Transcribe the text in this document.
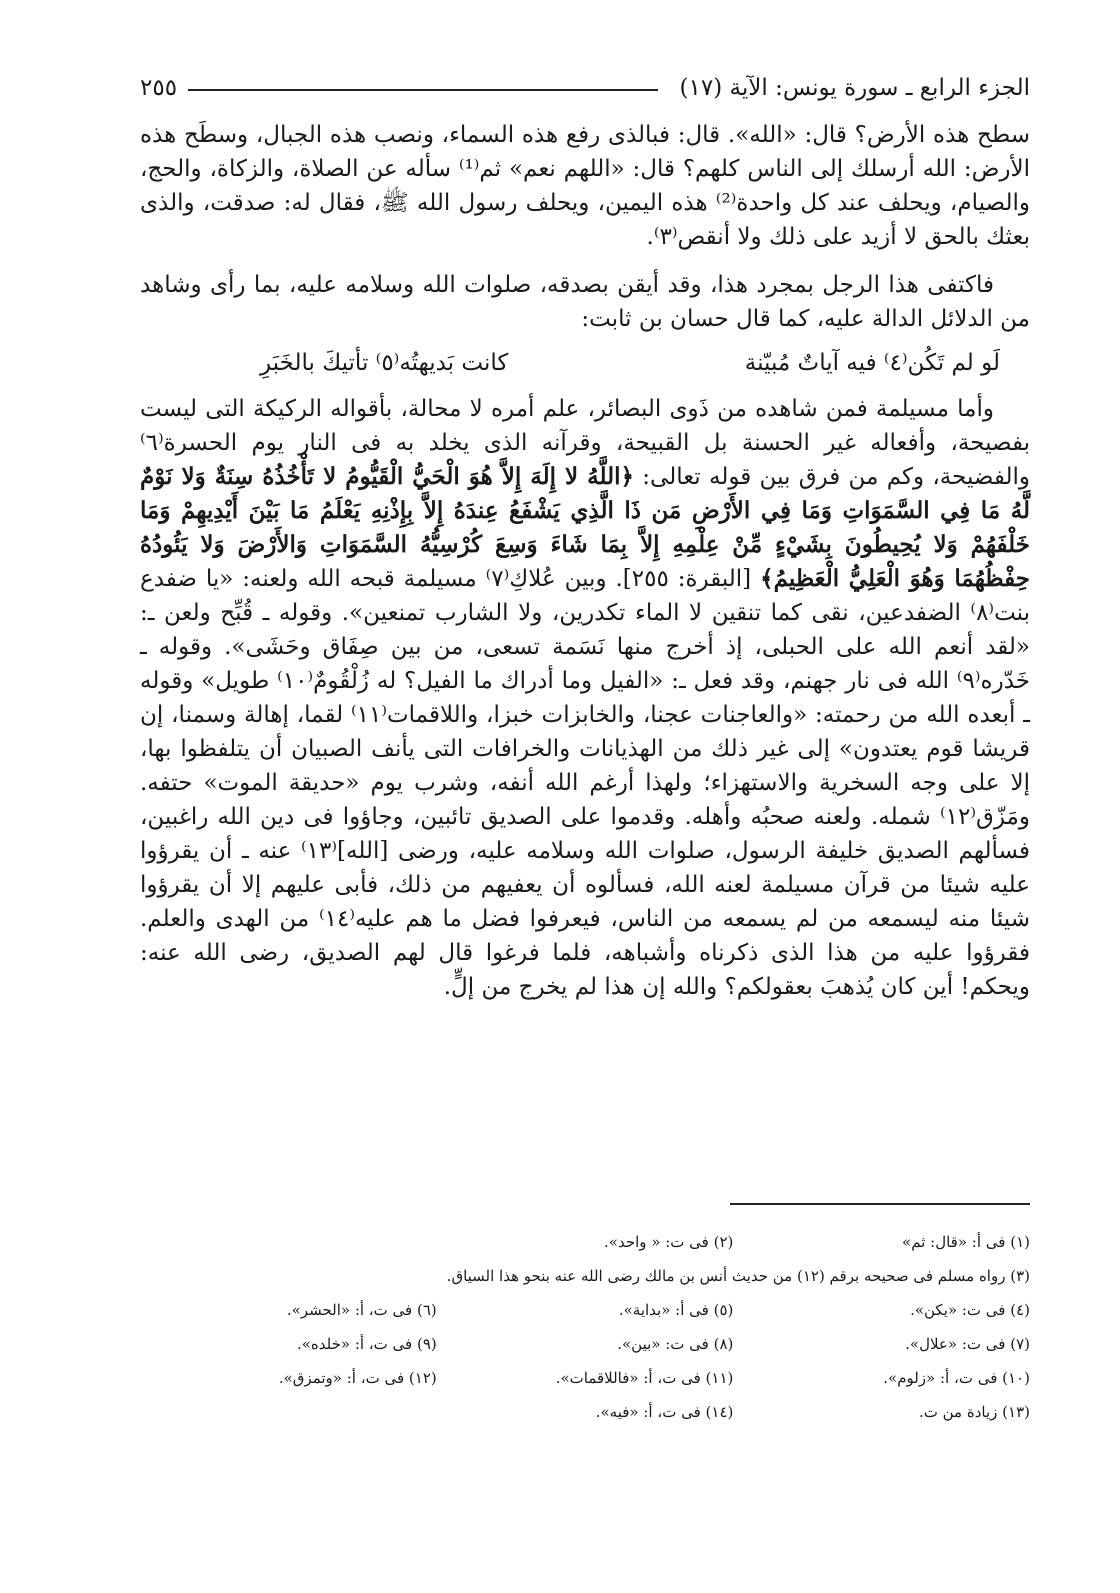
الجزء الرابع ـ سورة يونس: الآية (١٧)
٢٥٥

سطح هذه الأرض؟ قال: «الله». قال: فبالذى رفع هذه السماء، ونصب هذه الجبال، وسطَح هذه الأرض: الله أرسلك إلى الناس كلهم؟ قال: «اللهم نعم» ثم⁽¹⁾ سأله عن الصلاة، والزكاة، والحج، والصيام، ويحلف عند كل واحدة⁽²⁾ هذه اليمين، ويحلف رسول الله ﷺ، فقال له: صدقت، والذى بعثك بالحق لا أزيد على ذلك ولا أنقص⁽٣⁾.

فاكتفى هذا الرجل بمجرد هذا، وقد أيقن بصدقه، صلوات الله وسلامه عليه، بما رأى وشاهد من الدلائل الدالة عليه، كما قال حسان بن ثابت:

لَو لم تَكُن⁽٤⁾ فيه آياتٌ مُبيّنة
كانت بَديهتُه⁽٥⁾ تأتيكَ بالخَبَرِ

وأما مسيلمة فمن شاهده من ذَوى البصائر، علم أمره لا محالة، بأقواله الركيكة التى ليست بفصيحة، وأفعاله غير الحسنة بل القبيحة، وقرآنه الذى يخلد به فى النار يوم الحسرة⁽٦⁾ والفضيحة، وكم من فرق بين قوله تعالى: ﴿اللَّهُ لا إِلَهَ إِلاَّ هُوَ الْحَيُّ الْقَيُّومُ لا تَأْخُذُهُ سِنَةٌ وَلا نَوْمٌ لَّهُ مَا فِي السَّمَوَاتِ وَمَا فِي الأَرْضِ مَن ذَا الَّذِي يَشْفَعُ عِندَهُ إِلاَّ بِإِذْنِهِ يَعْلَمُ مَا بَيْنَ أَيْدِيهِمْ وَمَا خَلْفَهُمْ وَلا يُحِيطُونَ بِشَيْءٍ مِّنْ عِلْمِهِ إِلاَّ بِمَا شَاءَ وَسِعَ كُرْسِيُّهُ السَّمَوَاتِ وَالأَرْضَ وَلا يَئُودُهُ حِفْظُهُمَا وَهُوَ الْعَلِيُّ الْعَظِيمُ﴾ [البقرة: ٢٥٥]. وبين عُلاكِ⁽٧⁾ مسيلمة قبحه الله ولعنه: «يا ضفدع بنت⁽٨⁾ الضفدعين، نقى كما تنقين لا الماء تكدرين، ولا الشارب تمنعين». وقوله ـ قُبِّح ولعن ـ: «لقد أنعم الله على الحبلى، إذ أخرج منها نَسَمة تسعى، من بين صِفَاق وحَشَى». وقوله ـ خَدّره⁽٩⁾ الله فى نار جهنم، وقد فعل ـ: «الفيل وما أدراك ما الفيل؟ له زُلْقُومٌ⁽١٠⁾ طويل» وقوله ـ أبعده الله من رحمته: «والعاجنات عجنا، والخابزات خبزا، واللاقمات⁽١١⁾ لقما، إهالة وسمنا، إن قريشا قوم يعتدون» إلى غير ذلك من الهذيانات والخرافات التى يأنف الصبيان أن يتلفظوا بها، إلا على وجه السخرية والاستهزاء؛ ولهذا أرغم الله أنفه، وشرب يوم «حديقة الموت» حتفه. ومَزّق⁽١٢⁾ شمله. ولعنه صحبُه وأهله. وقدموا على الصديق تائبين، وجاؤوا فى دين الله راغبين، فسألهم الصديق خليفة الرسول، صلوات الله وسلامه عليه، ورضى [الله]⁽١٣⁾ عنه ـ أن يقرؤوا عليه شيئا من قرآن مسيلمة لعنه الله، فسألوه أن يعفيهم من ذلك، فأبى عليهم إلا أن يقرؤوا شيئا منه ليسمعه من لم يسمعه من الناس، فيعرفوا فضل ما هم عليه⁽١٤⁾ من الهدى والعلم. فقرؤوا عليه من هذا الذى ذكرناه وأشباهه، فلما فرغوا قال لهم الصديق، رضى الله عنه: ويحكم! أين كان يُذهبَ بعقولكم؟ والله إن هذا لم يخرج من إلٍّ.

(١) فى أ: «قال: ثم»
(٢) فى ت: « واحد».
(٣) رواه مسلم فى صحيحه برقم (١٢) من حديث أنس بن مالك رضى الله عنه بنحو هذا السياق.
(٤) فى ت: «يكن».
(٥) فى أ: «بداية».
(٦) فى ت، أ: «الحشر».
(٧) فى ت: «علال».
(٨) فى ت: «بين».
(٩) فى ت، أ: «خلده».
(١٠) فى ت، أ: «زلوم».
(١١) فى ت، أ: «فاللاقمات».
(١٢) فى ت، أ: «وتمزق».
(١٣) زيادة من ت.
(١٤) فى ت، أ: «فيه».
